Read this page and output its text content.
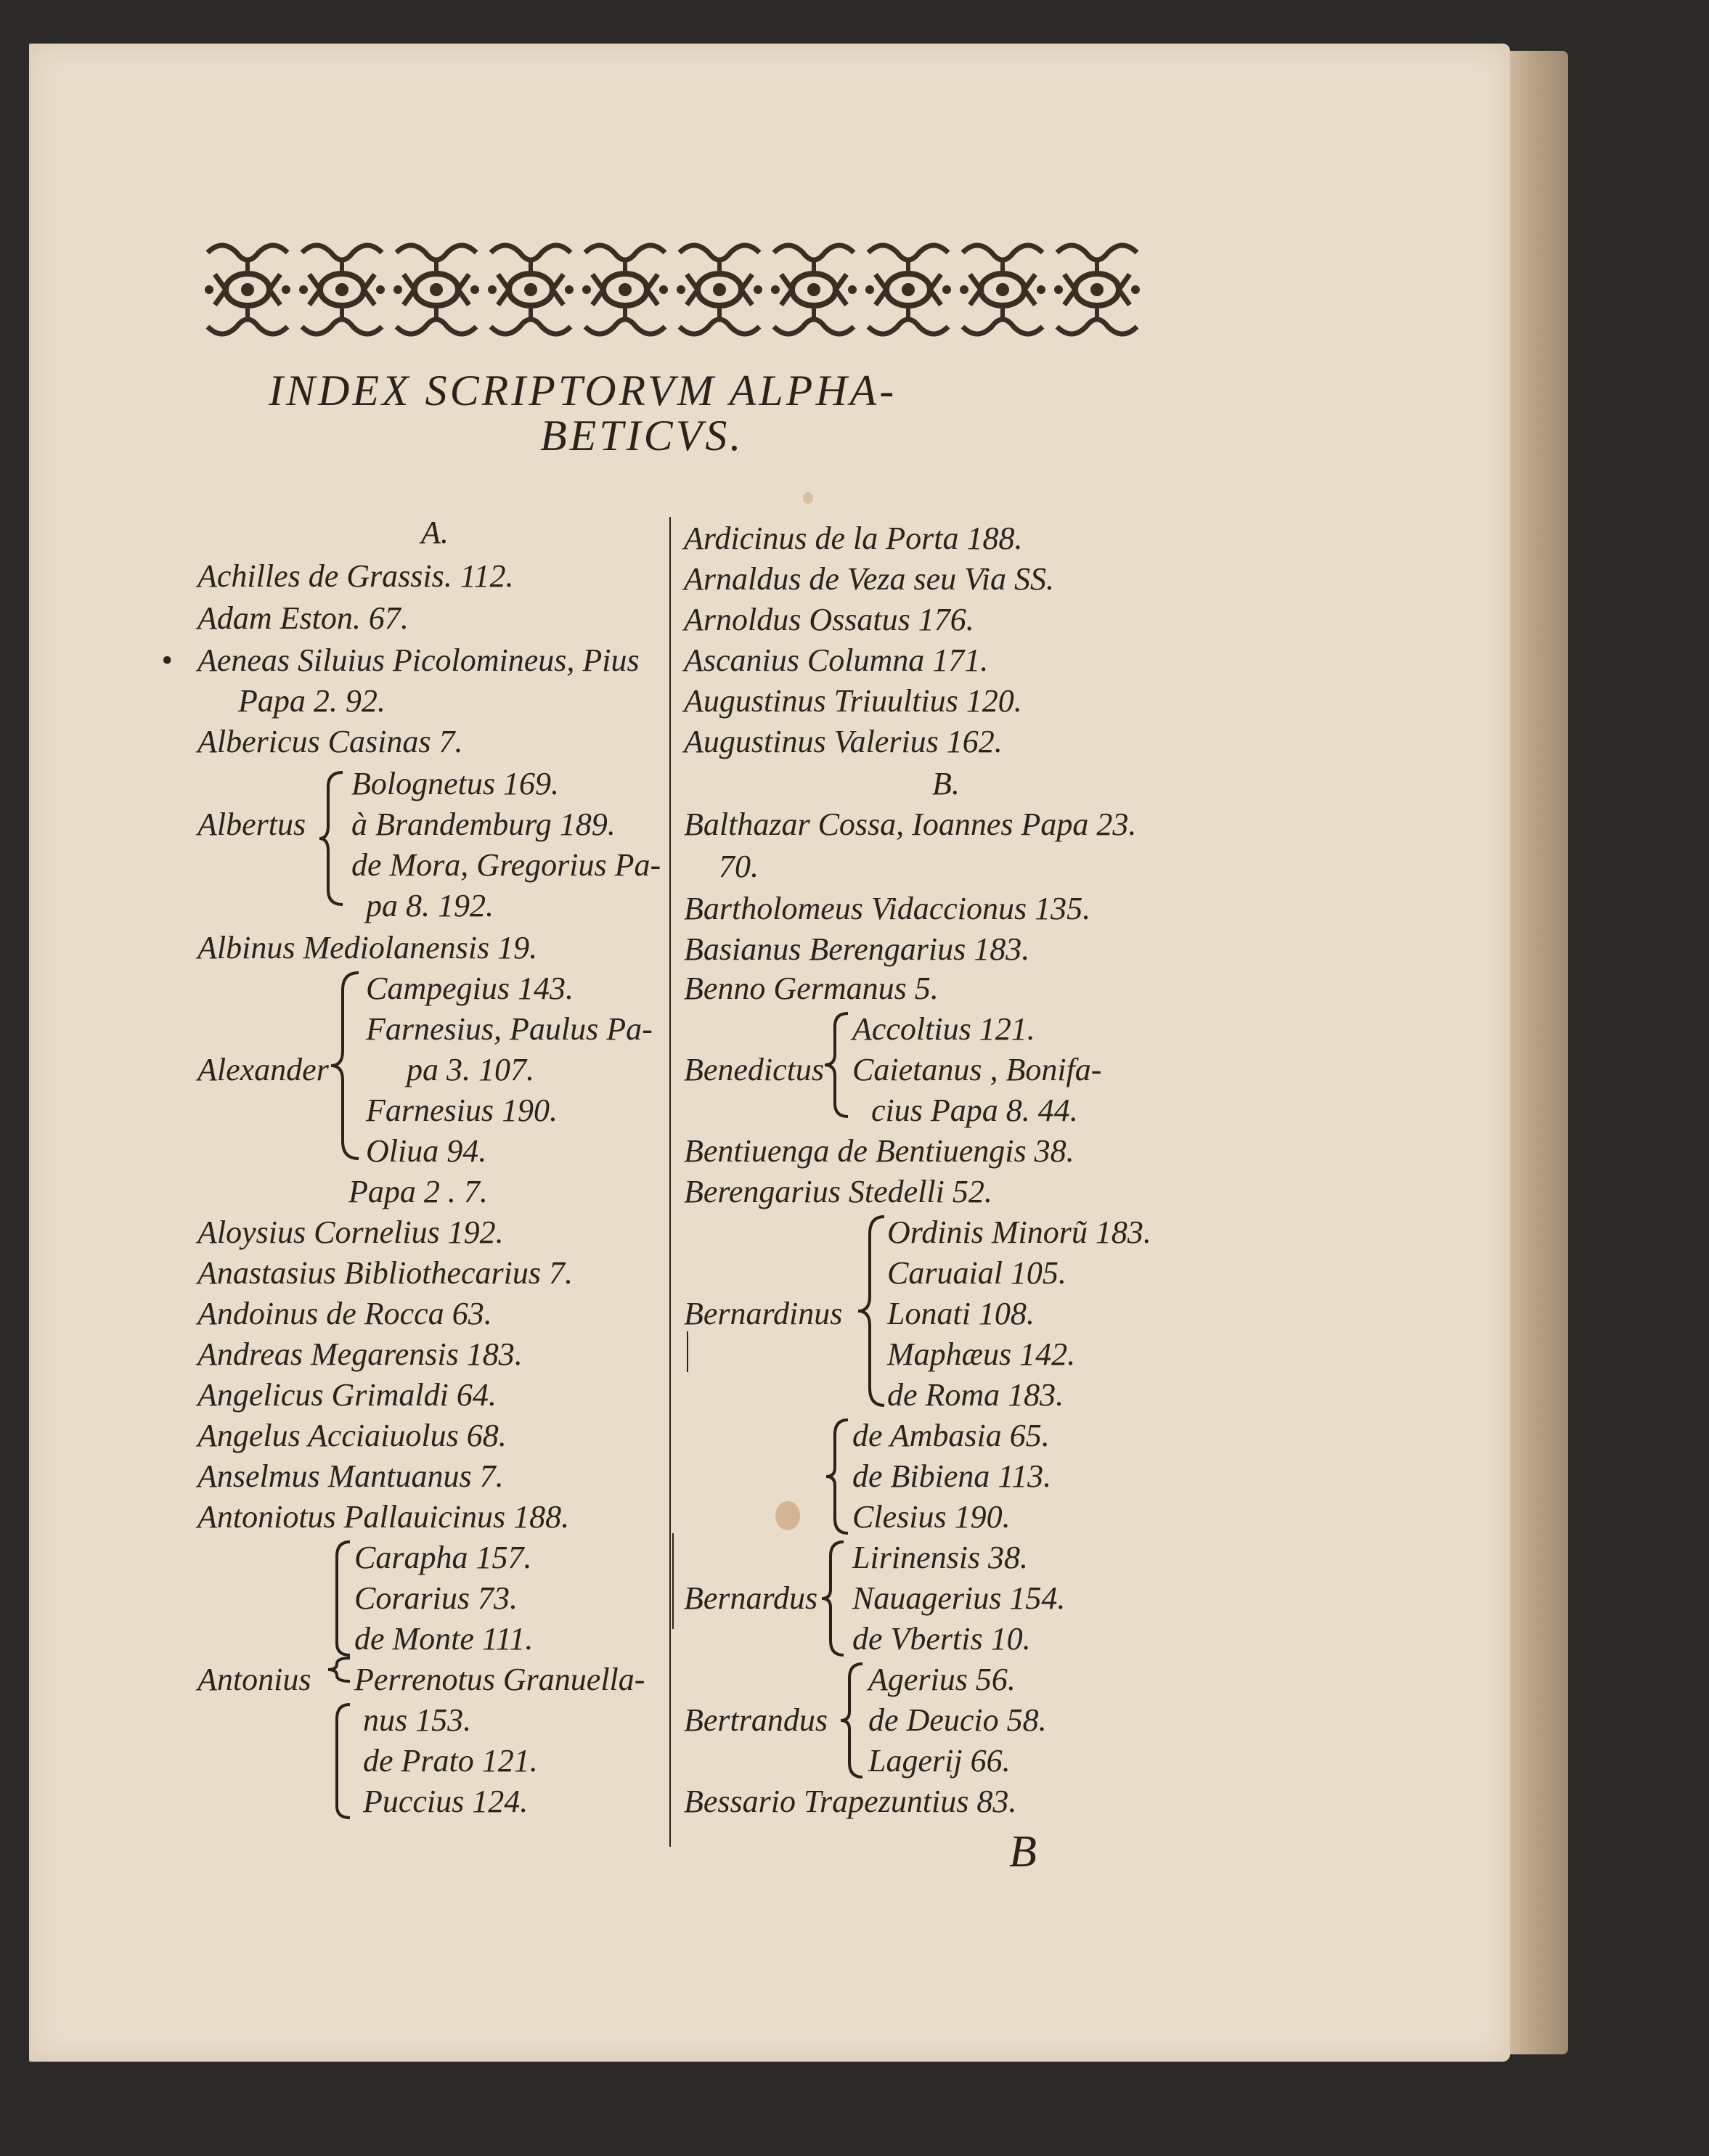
INDEX SCRIPTORVM ALPHA-
BETICVS.
A.
Achilles de Grassis. 112.
Adam Eston. 67.
• Aeneas Siluius Picolomineus, Pius
Papa 2. 92.
Albericus Casinas 7.
Albertus
Bolognetus 169.
à Brandemburg 189.
de Mora, Gregorius Pa-
pa 8. 192.
Albinus Mediolanensis 19.
Alexander
Campegius 143.
Farnesius, Paulus Pa-
pa 3. 107.
Farnesius 190.
Oliua 94.
Papa 2 . 7.
Aloysius Cornelius 192.
Anastasius Bibliothecarius 7.
Andoinus de Rocca 63.
Andreas Megarensis 183.
Angelicus Grimaldi 64.
Angelus Acciaiuolus 68.
Anselmus Mantuanus 7.
Antoniotus Pallauicinus 188.
Antonius
Carapha 157.
Corarius 73.
de Monte 111.
Perrenotus Granuella-
nus 153.
de Prato 121.
Puccius 124.
Ardicinus de la Porta 188.
Arnaldus de Veza seu Via SS.
Arnoldus Ossatus 176.
Ascanius Columna 171.
Augustinus Triuultius 120.
Augustinus Valerius 162.
B.
Balthazar Cossa, Ioannes Papa 23.
70.
Bartholomeus Vidaccionus 135.
Basianus Berengarius 183.
Benno Germanus 5.
Benedictus
Accoltius 121.
Caietanus , Bonifa-
cius Papa 8. 44.
Bentiuenga de Bentiuengis 38.
Berengarius Stedelli 52.
Bernardinus
Ordinis Minorũ 183.
Caruaial 105.
Lonati 108.
Maphæus 142.
de Roma 183.
de Ambasia 65.
de Bibiena 113.
Clesius 190.
Bernardus
Lirinensis 38.
Nauagerius 154.
de Vbertis 10.
Bertrandus
Agerius 56.
de Deucio 58.
Lagerij 66.
Bessario Trapezuntius 83.
B
